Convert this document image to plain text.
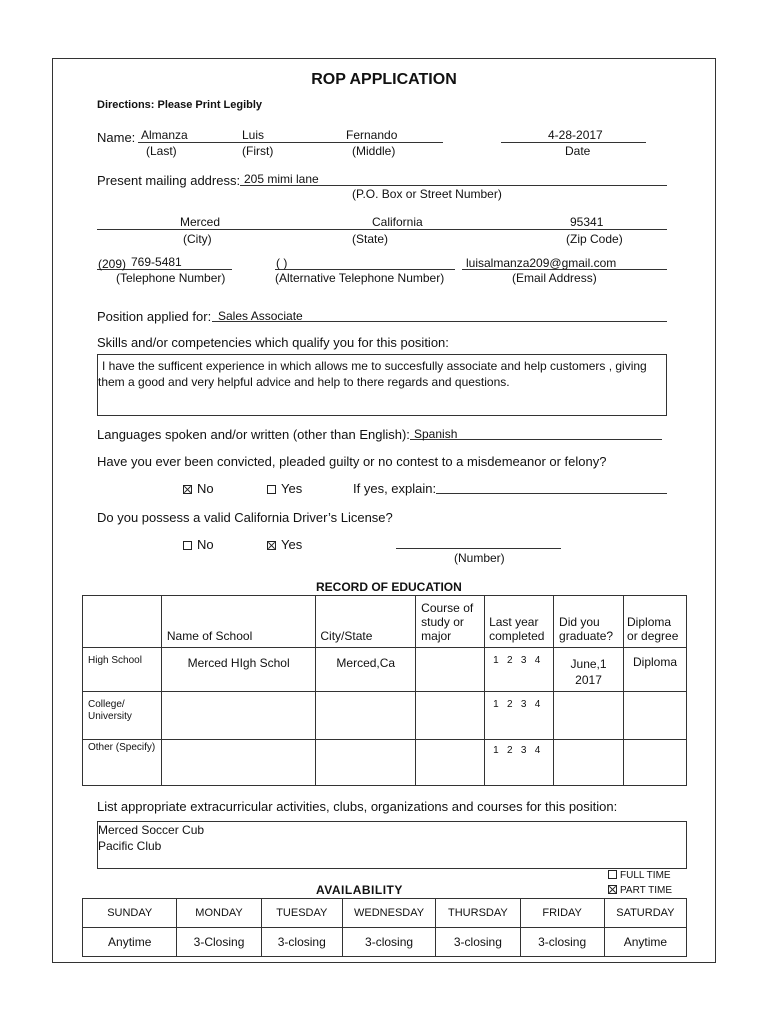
ROP APPLICATION
Directions: Please Print Legibly
Name: Almanza	Luis	Fernando	4-28-2017
(Last)	(First)	(Middle)	Date
Present mailing address: 205 mimi lane
(P.O. Box or Street Number)
Merced	California	95341
(City)	(State)	(Zip Code)
(209) 769-5481	( )	luisalmanza209@gmail.com
(Telephone Number)	(Alternative Telephone Number)	(Email Address)
Position applied for: Sales Associate
Skills and/or competencies which qualify you for this position:
I have the sufficent experience in which allows me to succesfully associate and help customers , giving
them a good and very helpful advice and help to there regards and questions.
Languages spoken and/or written (other than English): Spanish
Have you ever been convicted, pleaded guilty or no contest to a misdemeanor or felony?
No	Yes	If yes, explain:
Do you possess a valid California Driver’s License?
No	Yes
(Number)
RECORD OF EDUCATION
	Name of School	City/State	Course of study or major	Last year completed	Did you graduate?	Diploma or degree
High School	Merced HIgh Schol	Merced,Ca		1   2   3   4	June,1 2017	Diploma
College/ University				1   2   3   4		
Other (Specify)				1   2   3   4		
List appropriate extracurricular activities, clubs, organizations and courses for this position:
Merced Soccer Cub
Pacific Club
FULL TIME
PART TIME
AVAILABILITY
SUNDAY	MONDAY	TUESDAY	WEDNESDAY	THURSDAY	FRIDAY	SATURDAY
Anytime	3-Closing	3-closing	3-closing	3-closing	3-closing	Anytime
